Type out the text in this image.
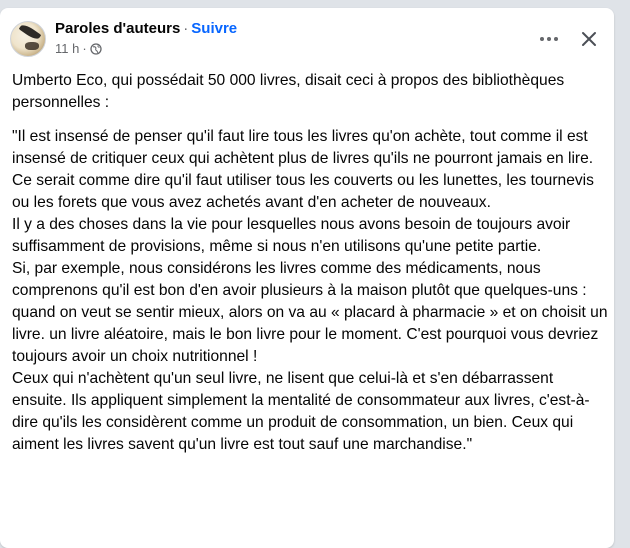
Paroles d'auteurs · Suivre
11 h ·

Umberto Eco, qui possédait 50 000 livres, disait ceci à propos des bibliothèques personnelles :

"Il est insensé de penser qu'il faut lire tous les livres qu'on achète, tout comme il est insensé de critiquer ceux qui achètent plus de livres qu'ils ne pourront jamais en lire. Ce serait comme dire qu'il faut utiliser tous les couverts ou les lunettes, les tournevis ou les forets que vous avez achetés avant d'en acheter de nouveaux.

Il y a des choses dans la vie pour lesquelles nous avons besoin de toujours avoir suffisamment de provisions, même si nous n'en utilisons qu'une petite partie.

Si, par exemple, nous considérons les livres comme des médicaments, nous comprenons qu'il est bon d'en avoir plusieurs à la maison plutôt que quelques-uns : quand on veut se sentir mieux, alors on va au « placard à pharmacie » et on choisit un livre. un livre aléatoire, mais le bon livre pour le moment. C'est pourquoi vous devriez toujours avoir un choix nutritionnel !

Ceux qui n'achètent qu'un seul livre, ne lisent que celui-là et s'en débarrassent ensuite. Ils appliquent simplement la mentalité de consommateur aux livres, c'est-à-dire qu'ils les considèrent comme un produit de consommation, un bien. Ceux qui aiment les livres savent qu'un livre est tout sauf une marchandise."
